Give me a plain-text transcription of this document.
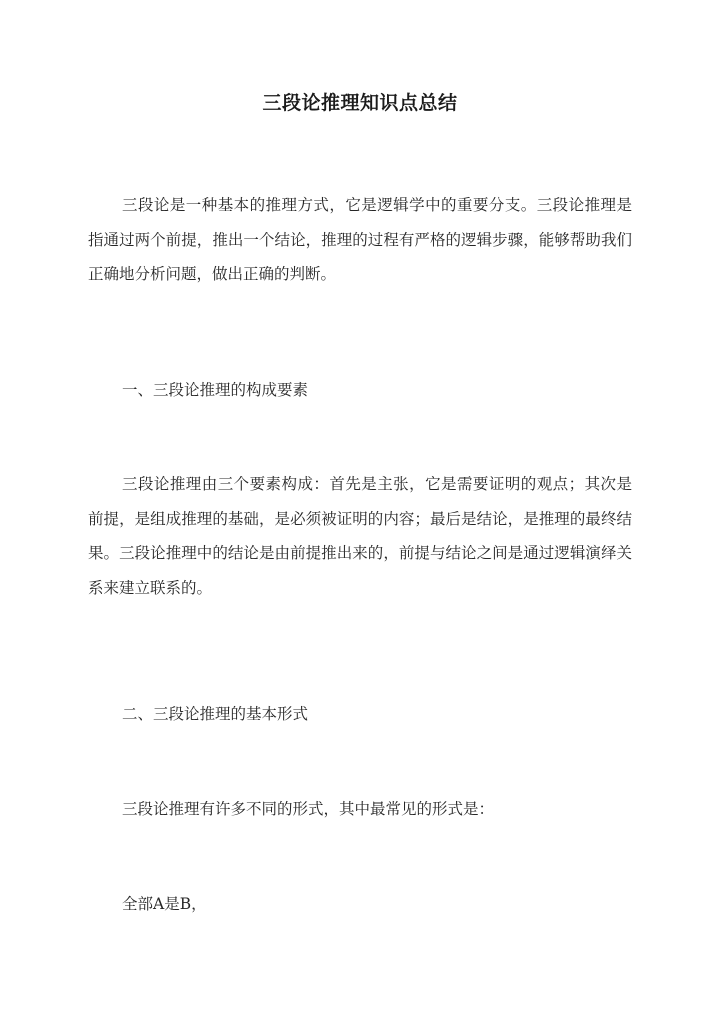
三段论推理知识点总结
三段论是一种基本的推理方式，它是逻辑学中的重要分支。三段论推理是指通过两个前提，推出一个结论，推理的过程有严格的逻辑步骤，能够帮助我们正确地分析问题，做出正确的判断。
一、三段论推理的构成要素
三段论推理由三个要素构成：首先是主张，它是需要证明的观点；其次是前提，是组成推理的基础，是必须被证明的内容；最后是结论，是推理的最终结果。三段论推理中的结论是由前提推出来的，前提与结论之间是通过逻辑演绎关系来建立联系的。
二、三段论推理的基本形式
三段论推理有许多不同的形式，其中最常见的形式是：
全部A是B，
